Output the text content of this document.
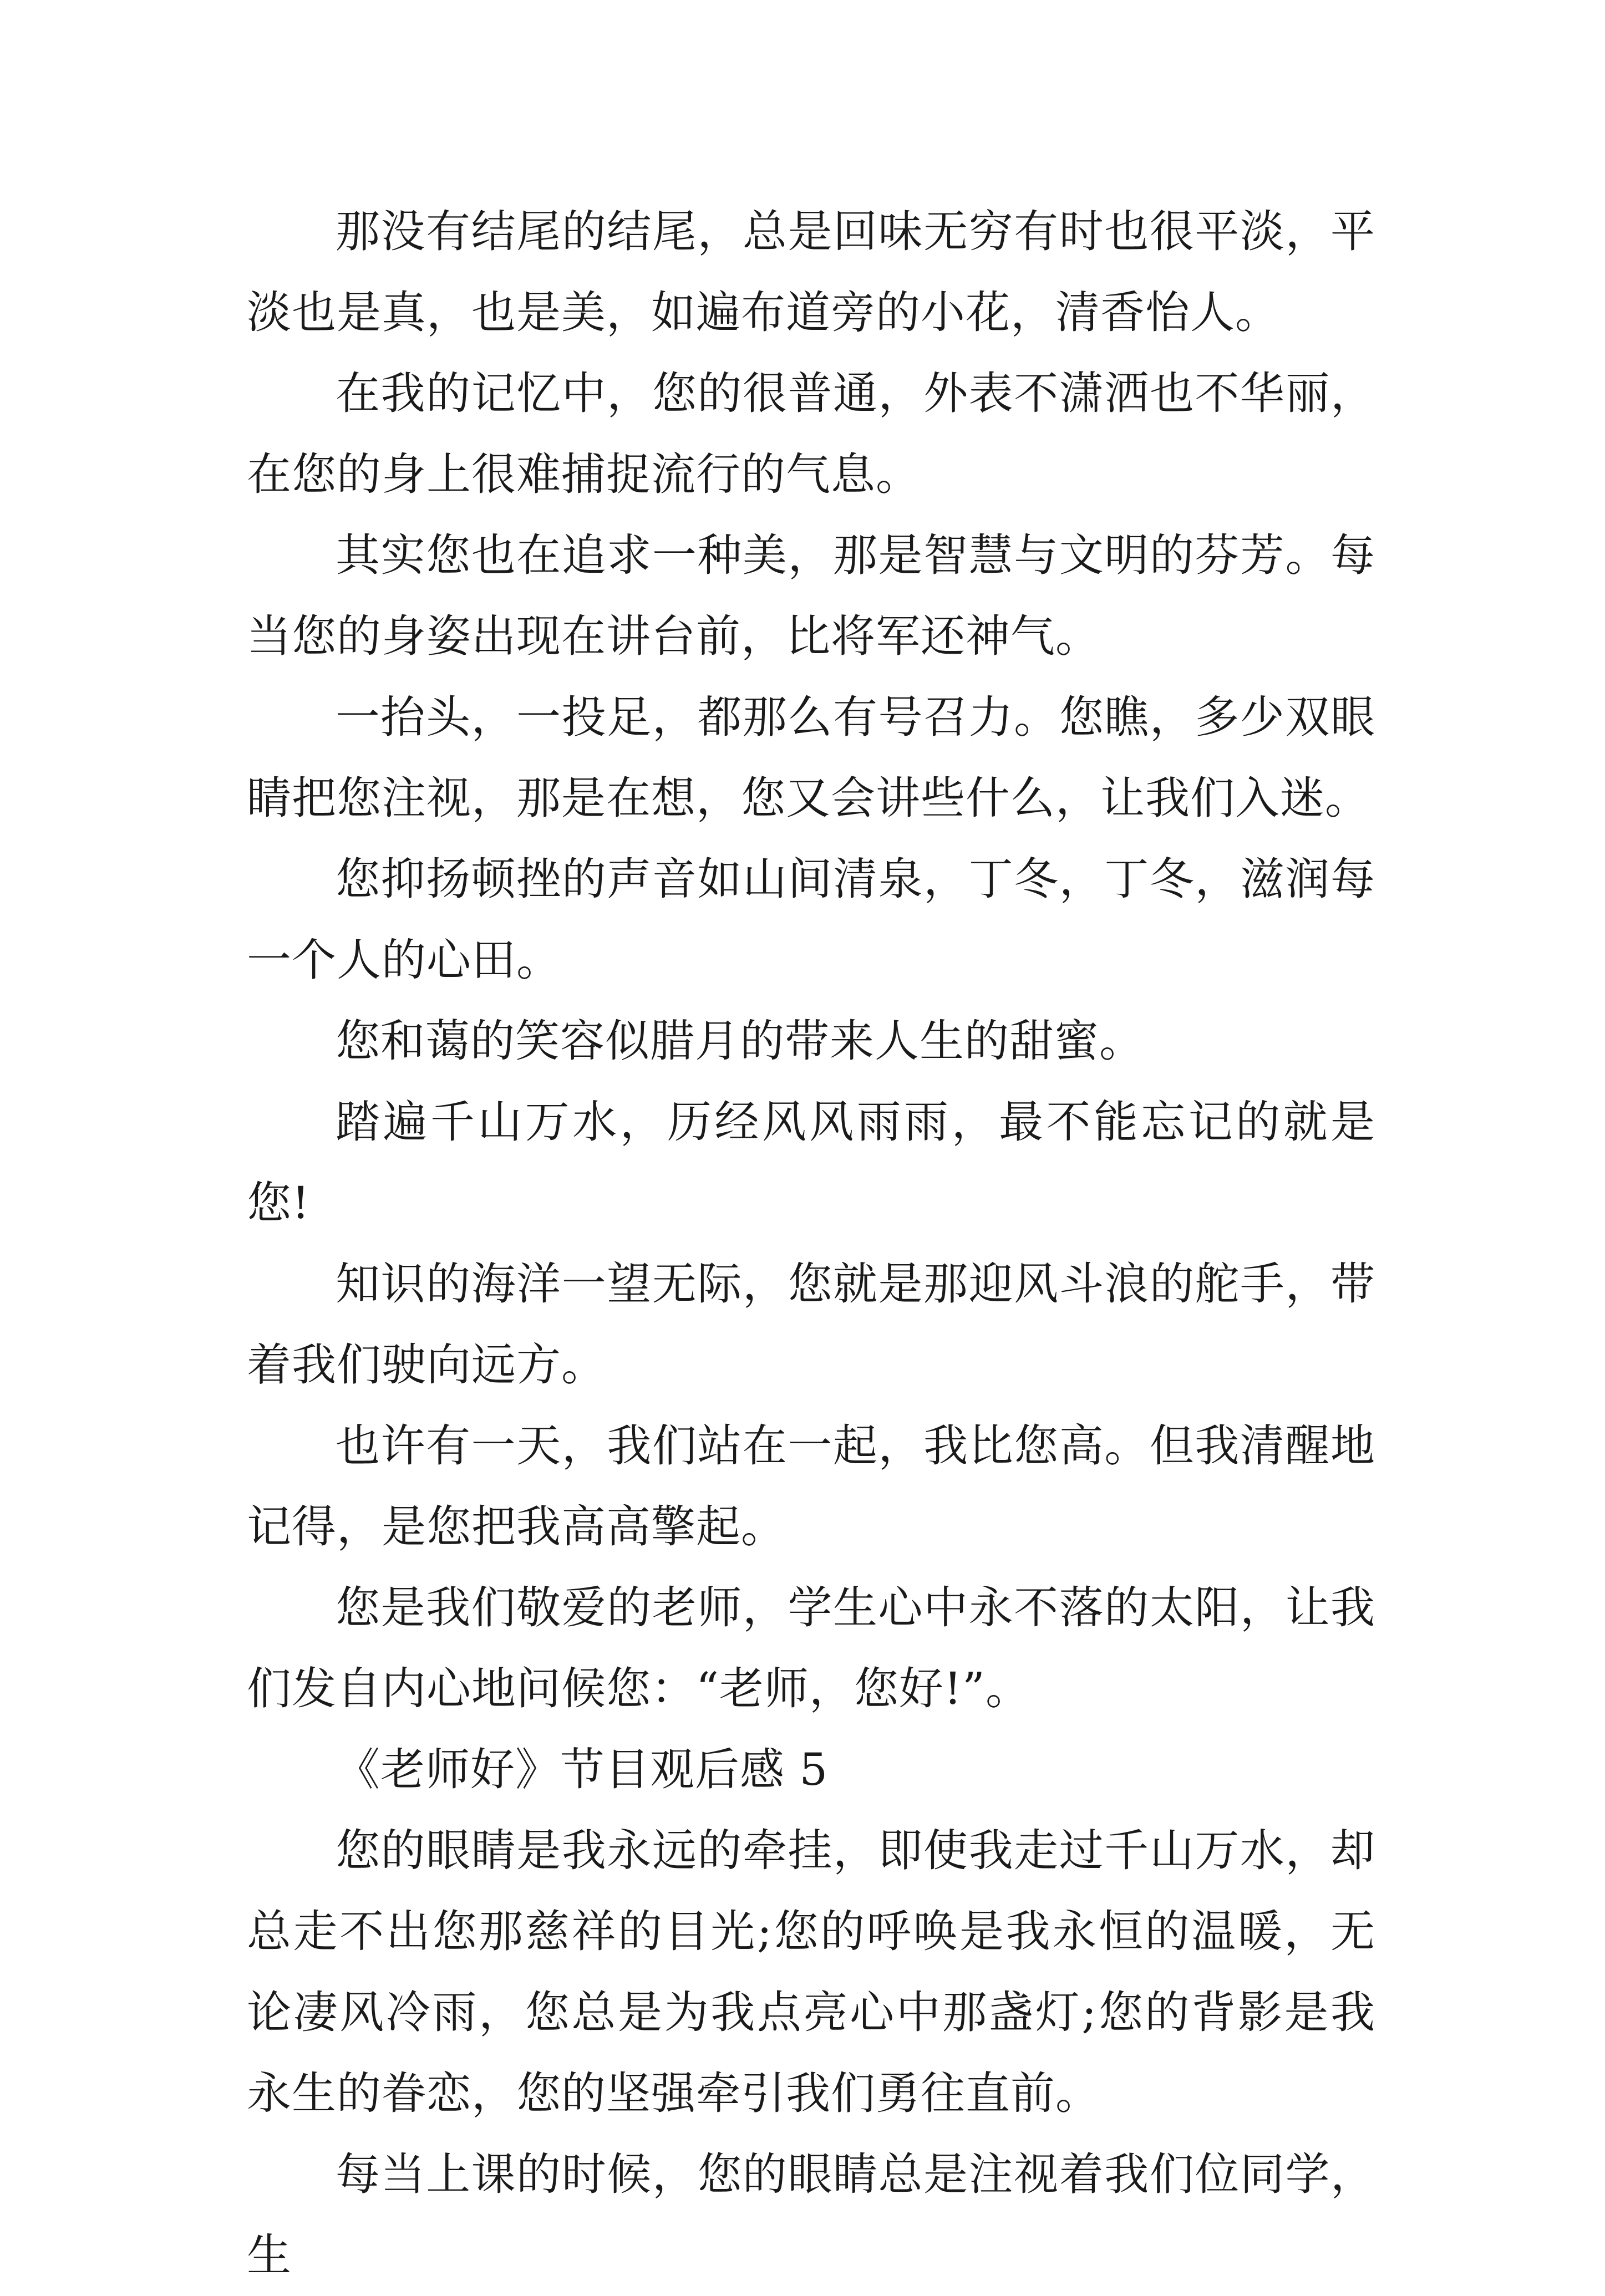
那没有结尾的结尾，总是回味无穷有时也很平淡，平淡也是真，也是美，如遍布道旁的小花，清香怡人。

在我的记忆中，您的很普通，外表不潇洒也不华丽，在您的身上很难捕捉流行的气息。

其实您也在追求一种美，那是智慧与文明的芬芳。每当您的身姿出现在讲台前，比将军还神气。

一抬头，一投足，都那么有号召力。您瞧，多少双眼睛把您注视，那是在想，您又会讲些什么，让我们入迷。

您抑扬顿挫的声音如山间清泉，丁冬，丁冬，滋润每一个人的心田。

您和蔼的笑容似腊月的带来人生的甜蜜。

踏遍千山万水，历经风风雨雨，最不能忘记的就是您!

知识的海洋一望无际，您就是那迎风斗浪的舵手，带着我们驶向远方。

也许有一天，我们站在一起，我比您高。但我清醒地记得，是您把我高高擎起。

您是我们敬爱的老师，学生心中永不落的太阳，让我们发自内心地问候您：“老师，您好!”。

《老师好》节目观后感 5

您的眼睛是我永远的牵挂，即使我走过千山万水，却总走不出您那慈祥的目光;您的呼唤是我永恒的温暖，无论凄风冷雨，您总是为我点亮心中那盏灯;您的背影是我永生的眷恋，您的坚强牵引我们勇往直前。

每当上课的时候，您的眼睛总是注视着我们位同学，生
